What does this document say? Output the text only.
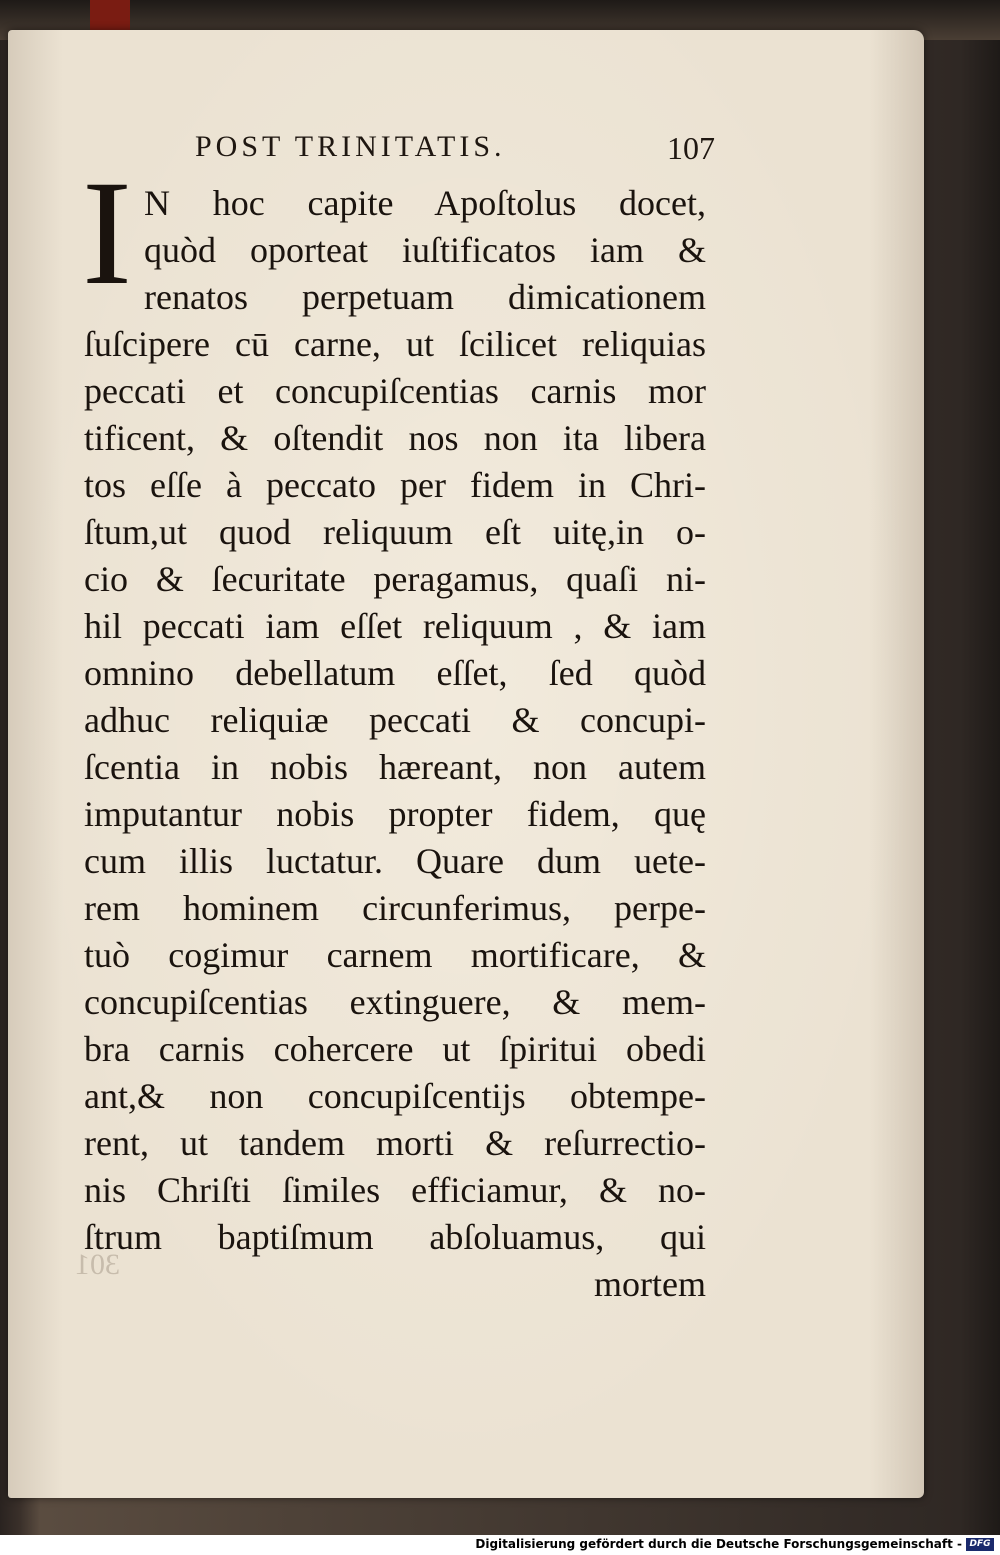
POST TRINITATIS.	107
I N hoc capite Apoſtolus docet,
quòd oporteat iuſtificatos iam &
renatos perpetuam dimicationem
ſuſcipere cū carne, ut ſcilicet reliquias
peccati et concupiſcentias carnis mor
tificent, & oſtendit nos non ita libera
tos eſſe à peccato per fidem in Chri-
ſtum,ut quod reliquum eſt uitę,in o-
cio & ſecuritate peragamus, quaſi ni-
hil peccati iam eſſet reliquum , & iam
omnino debellatum eſſet, ſed quòd
adhuc reliquiæ peccati & concupi-
ſcentia in nobis hæreant, non autem
imputantur nobis propter fidem, quę
cum illis luctatur. Quare dum uete-
rem hominem circunferimus, perpe-
tuò cogimur carnem mortificare, &
concupiſcentias extinguere, & mem-
bra carnis cohercere ut ſpiritui obedi
ant,& non concupiſcentijs obtempe-
rent, ut tandem morti & reſurrectio-
nis Chriſti ſimiles efficiamur, & no-
ſtrum baptiſmum abſoluamus, qui
mortem
301
Digitalisierung gefördert durch die Deutsche Forschungsgemeinschaft - DFG
